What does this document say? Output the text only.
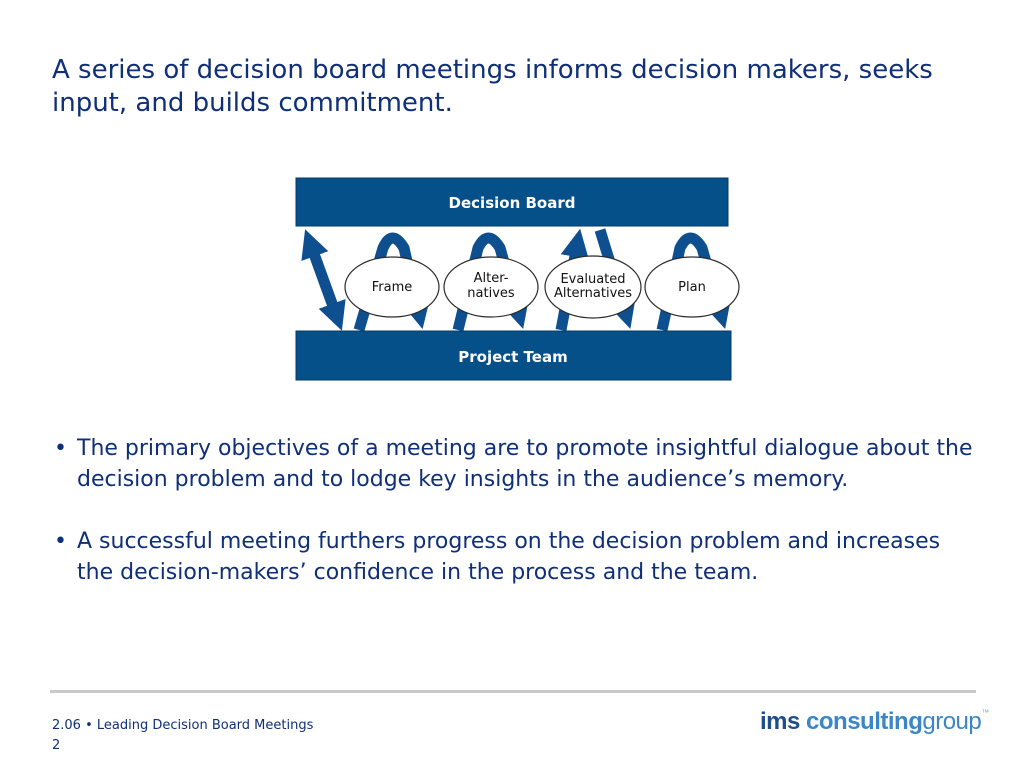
A series of decision board meetings informs decision makers, seeks input, and builds commitment.
Decision Board
Project Team
Frame
Alter-
natives
Evaluated
Alternatives	Plan
• The primary objectives of a meeting are to promote insightful dialogue about the decision problem and to lodge key insights in the audience’s memory.
• A successful meeting furthers progress on the decision problem and increases the decision-makers’ confidence in the process and the team.
2.06 • Leading Decision Board Meetings
2
ims consultinggroup™
